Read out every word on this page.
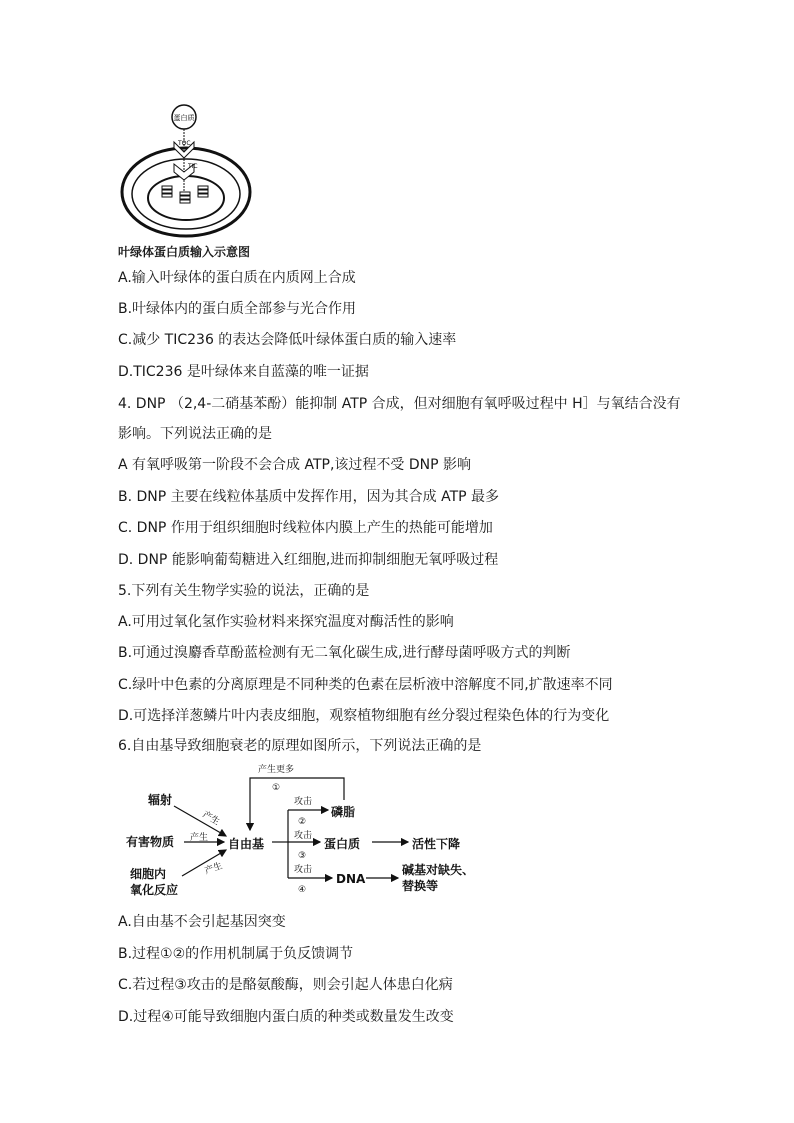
蛋白质
TOC
TIC
叶绿体蛋白质输入示意图
A.输入叶绿体的蛋白质在内质网上合成
B.叶绿体内的蛋白质全部参与光合作用
C.减少 TIC236 的表达会降低叶绿体蛋白质的输入速率
D.TIC236 是叶绿体来自蓝藻的唯一证据
4. DNP （2,4-二硝基苯酚）能抑制 ATP 合成，但对细胞有氧呼吸过程中 H］与氧结合没有
影响。下列说法正确的是
A 有氧呼吸第一阶段不会合成 ATP,该过程不受 DNP 影响
B. DNP 主要在线粒体基质中发挥作用，因为其合成 ATP 最多
C. DNP 作用于组织细胞时线粒体内膜上产生的热能可能增加
D. DNP 能影响葡萄糖进入红细胞,进而抑制细胞无氧呼吸过程
5.下列有关生物学实验的说法，正确的是
A.可用过氧化氢作实验材料来探究温度对酶活性的影响
B.可通过溴麝香草酚蓝检测有无二氧化碳生成,进行酵母菌呼吸方式的判断
C.绿叶中色素的分离原理是不同种类的色素在层析液中溶解度不同,扩散速率不同
D.可选择洋葱鳞片叶内表皮细胞，观察植物细胞有丝分裂过程染色体的行为变化
6.自由基导致细胞衰老的原理如图所示，下列说法正确的是
辐射
有害物质
细胞内
氧化反应
自由基
磷脂
蛋白质	活性下降
DNA
碱基对缺失、
替换等
产生更多
产生
产生
产生
攻击
攻击
攻击
①
②
③
④
A.自由基不会引起基因突变
B.过程①②的作用机制属于负反馈调节
C.若过程③攻击的是酪氨酸酶，则会引起人体患白化病
D.过程④可能导致细胞内蛋白质的种类或数量发生改变
